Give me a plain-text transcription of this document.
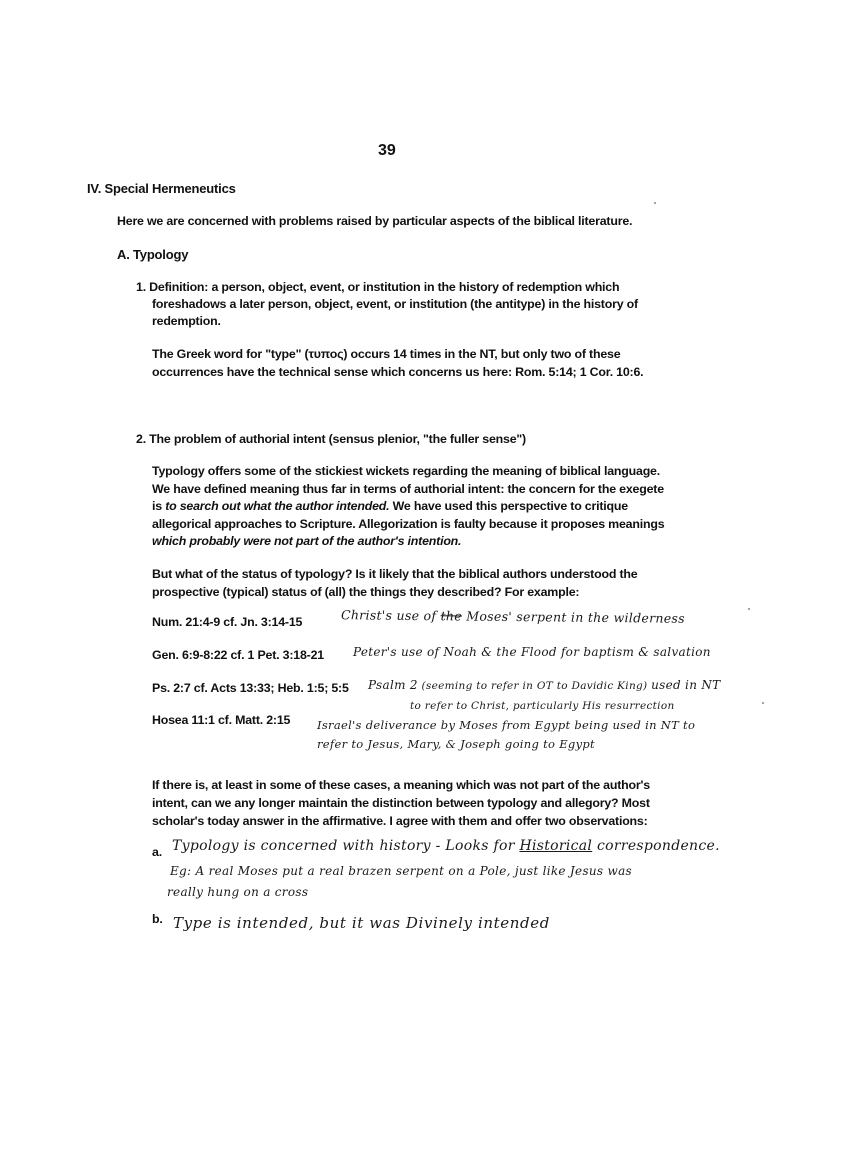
39
IV. Special Hermeneutics
Here we are concerned with problems raised by particular aspects of the biblical literature.
A. Typology
1. Definition: a person, object, event, or institution in the history of redemption which
foreshadows a later person, object, event, or institution (the antitype) in the history of
redemption.
The Greek word for "type" (τυπος) occurs 14 times in the NT, but only two of these
occurrences have the technical sense which concerns us here: Rom. 5:14; 1 Cor. 10:6.
2. The problem of authorial intent (sensus plenior, "the fuller sense")
Typology offers some of the stickiest wickets regarding the meaning of biblical language.
We have defined meaning thus far in terms of authorial intent: the concern for the exegete
is to search out what the author intended. We have used this perspective to critique
allegorical approaches to Scripture. Allegorization is faulty because it proposes meanings
which probably were not part of the author's intention.
But what of the status of typology? Is it likely that the biblical authors understood the
prospective (typical) status of (all) the things they described? For example:
Num. 21:4-9 cf. Jn. 3:14-15
Gen. 6:9-8:22 cf. 1 Pet. 3:18-21
Ps. 2:7 cf. Acts 13:33; Heb. 1:5; 5:5
Hosea 11:1 cf. Matt. 2:15
Christ's use of the Moses' serpent in the wilderness
Peter's use of Noah & the Flood for baptism & salvation
Psalm 2 (seeming to refer in OT to Davidic King) used in NT
to refer to Christ, particularly His resurrection
Israel's deliverance by Moses from Egypt being used in NT to
refer to Jesus, Mary, & Joseph going to Egypt
If there is, at least in some of these cases, a meaning which was not part of the author's
intent, can we any longer maintain the distinction between typology and allegory? Most
scholar's today answer in the affirmative. I agree with them and offer two observations:
a. Typology is concerned with history - Looks for Historical correspondence.
Eg: A real Moses put a real brazen serpent on a Pole, just like Jesus was
really hung on a cross
b. Type is intended, but it was Divinely intended
